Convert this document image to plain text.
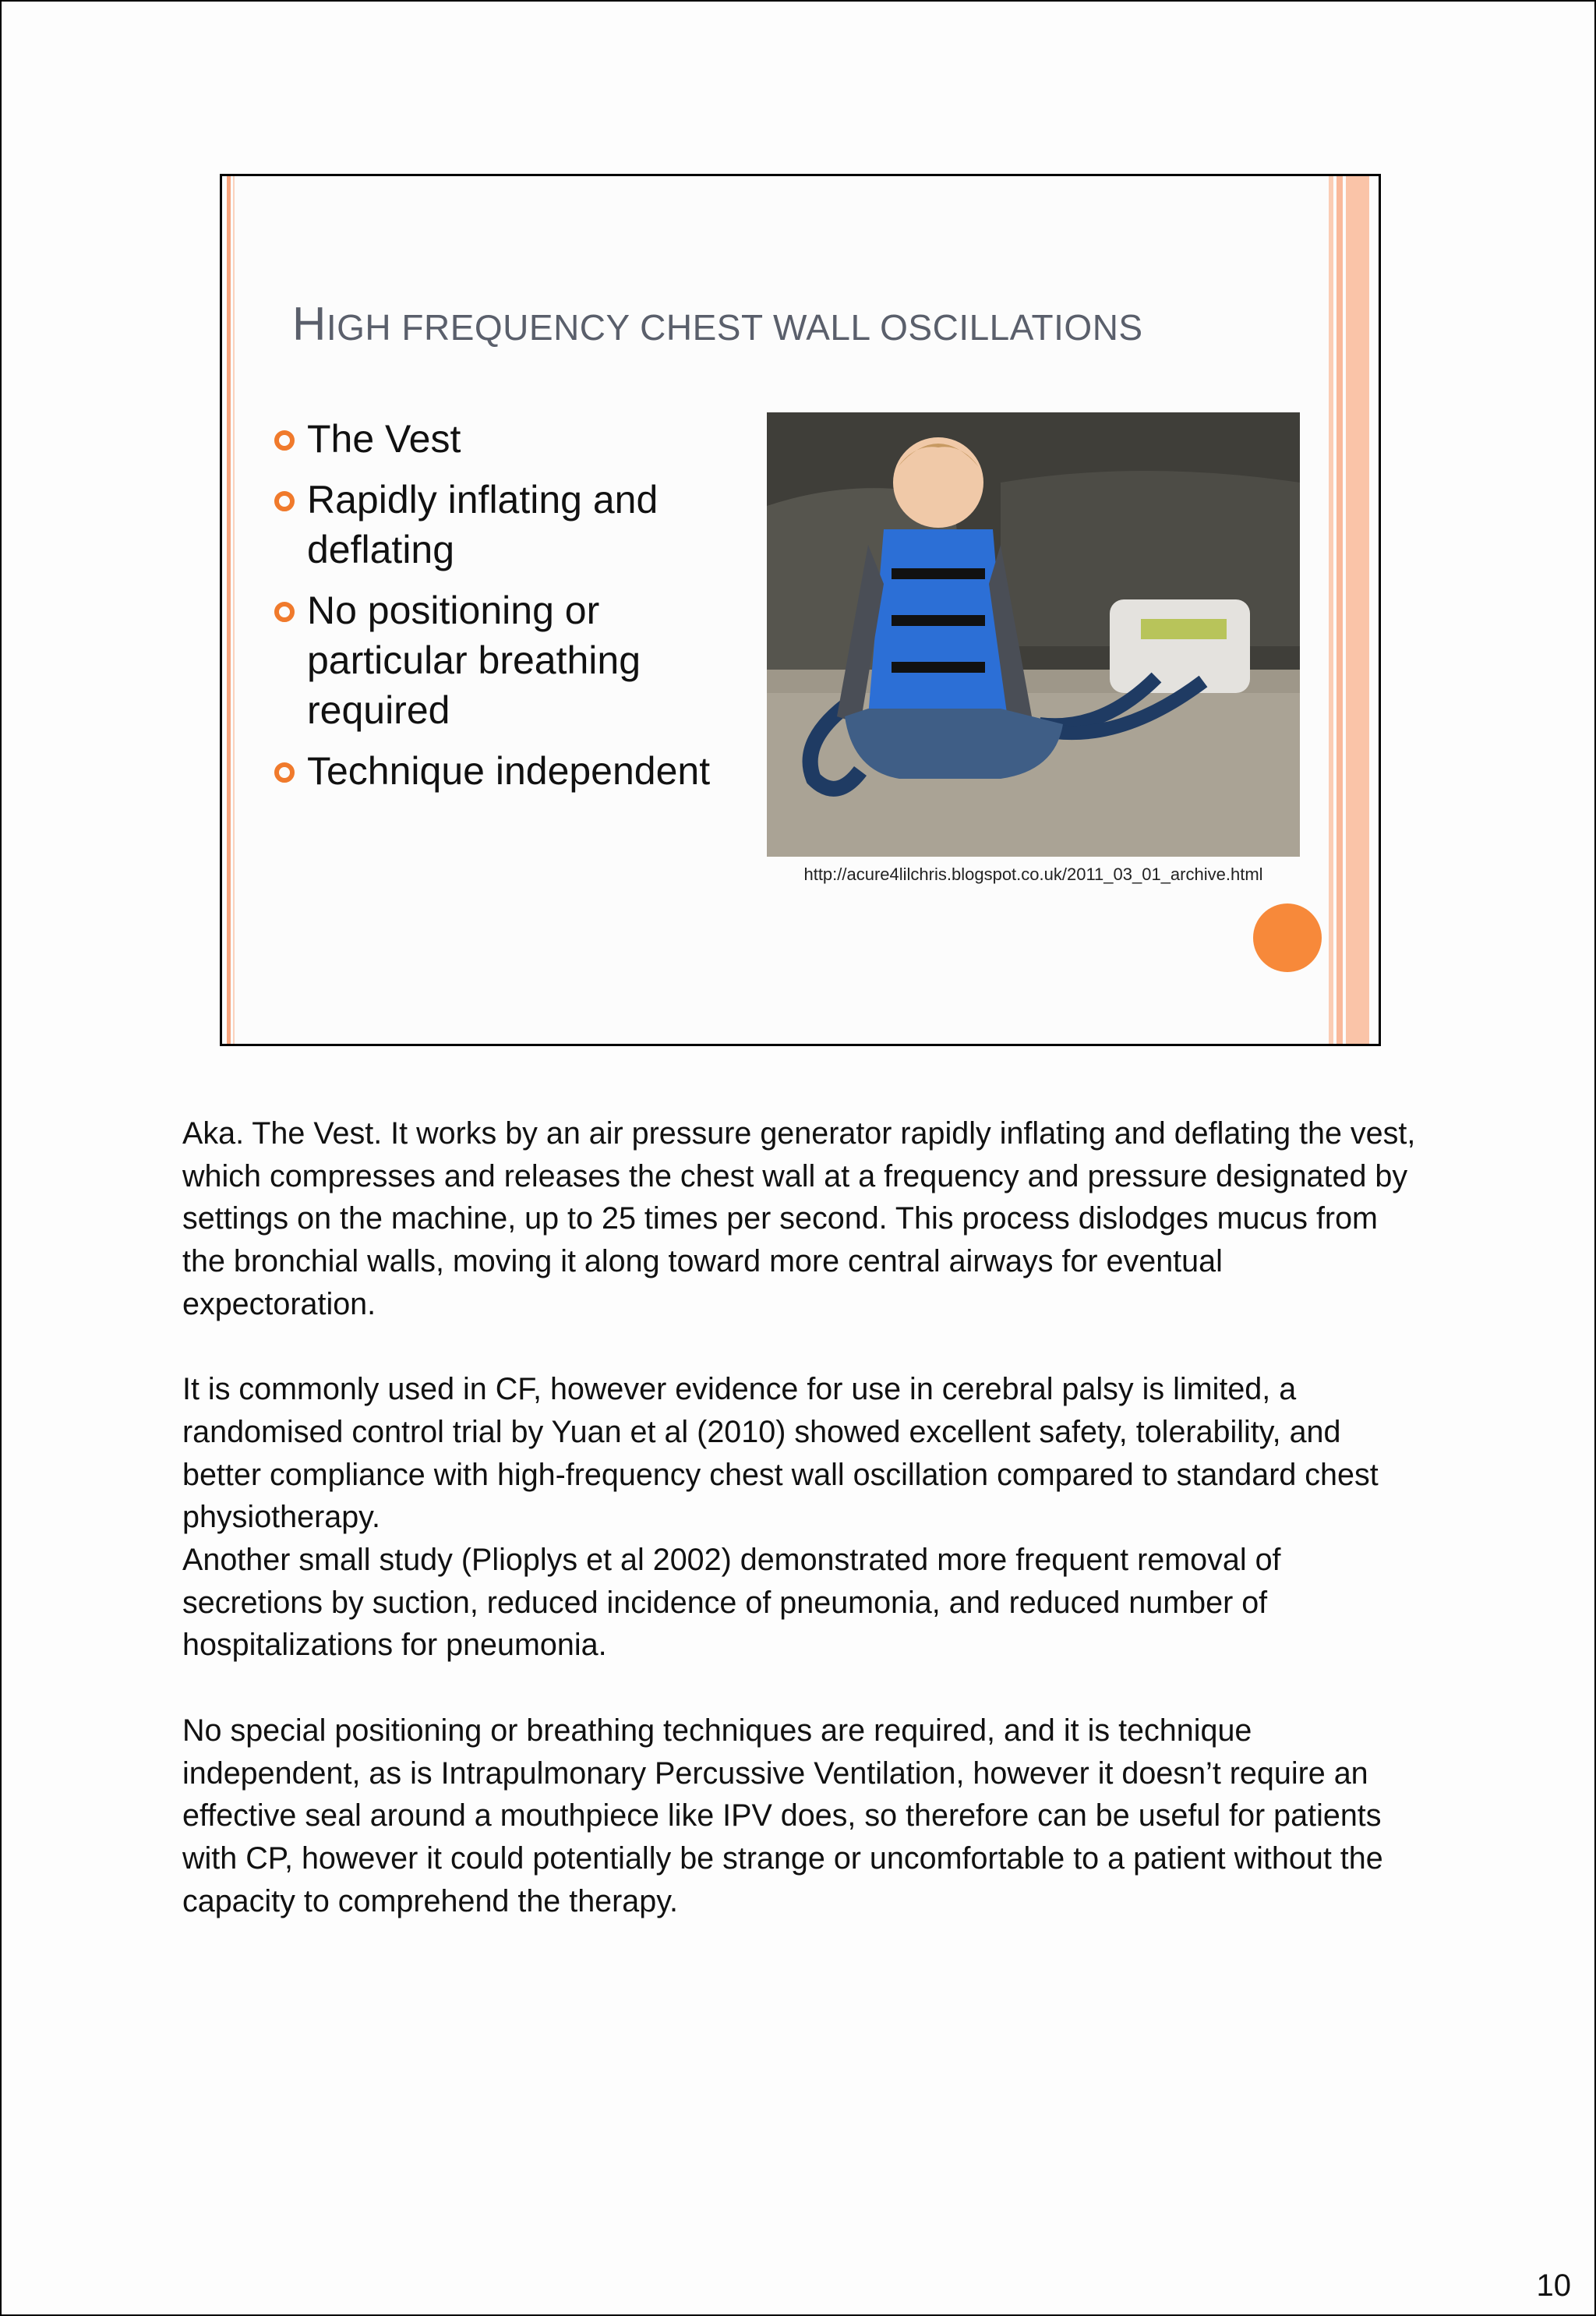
HIGH FREQUENCY CHEST WALL OSCILLATIONS
The Vest
Rapidly inflating and deflating
No positioning or particular breathing required
Technique independent
http://acure4lilchris.blogspot.co.uk/2011_03_01_archive.html

Aka. The Vest. It works by an air pressure generator rapidly inflating and deflating the vest, which compresses and releases the chest wall at a frequency and pressure designated by settings on the machine, up to 25 times per second. This process dislodges mucus from the bronchial walls, moving it along toward more central airways for eventual expectoration.

It is commonly used in CF, however evidence for use in cerebral palsy is limited, a randomised control trial by Yuan et al (2010) showed excellent safety, tolerability, and better compliance with high-frequency chest wall oscillation compared to standard chest physiotherapy.

Another small study (Plioplys et al 2002) demonstrated more frequent removal of secretions by suction, reduced incidence of pneumonia, and reduced number of hospitalizations for pneumonia.

No special positioning or breathing techniques are required, and it is technique independent, as is Intrapulmonary Percussive Ventilation, however it doesn’t require an effective seal around a mouthpiece like IPV does, so therefore can be useful for patients with CP, however it could potentially be strange or uncomfortable to a patient without the capacity to comprehend the therapy.

10
